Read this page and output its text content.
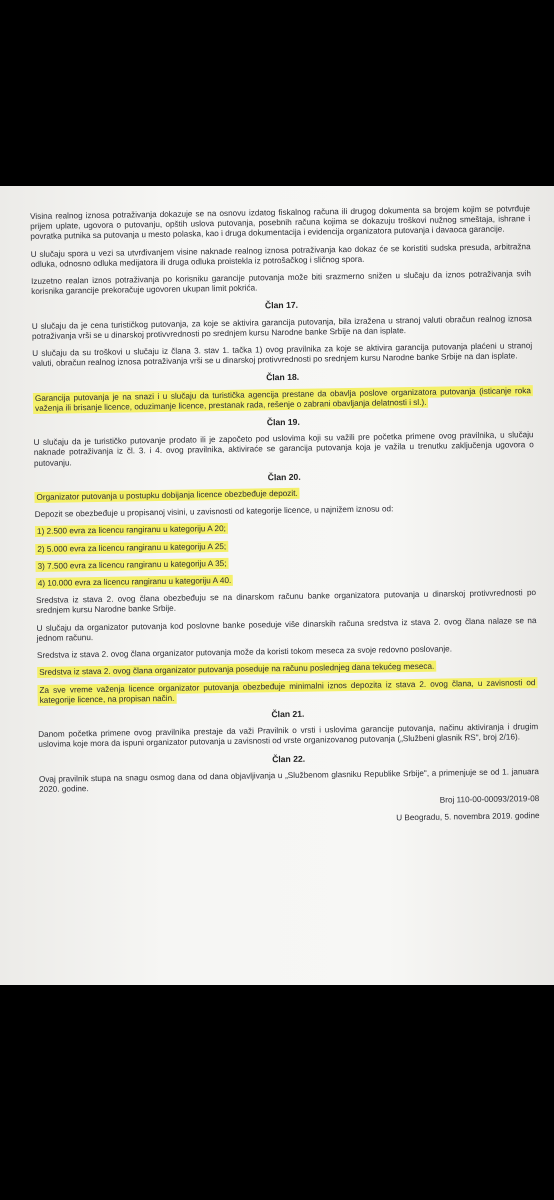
Visina realnog iznosa potraživanja dokazuje se na osnovu izdatog fiskalnog računa ili drugog dokumenta sa brojem kojim se potvrđuje prijem uplate, ugovora o putovanju, opštih uslova putovanja, posebnih računa kojima se dokazuju troškovi nužnog smeštaja, ishrane i povratka putnika sa putovanja u mesto polaska, kao i druga dokumentacija i evidencija organizatora putovanja i davaoca garancije.

U slučaju spora u vezi sa utvrđivanjem visine naknade realnog iznosa potraživanja kao dokaz će se koristiti sudska presuda, arbitražna odluka, odnosno odluka medijatora ili druga odluka proistekla iz potrošačkog i sličnog spora.

Izuzetno realan iznos potraživanja po korisniku garancije putovanja može biti srazmerno snižen u slučaju da iznos potraživanja svih korisnika garancije prekoračuje ugovoren ukupan limit pokrića.

Član 17.

U slučaju da je cena turističkog putovanja, za koje se aktivira garancija putovanja, bila izražena u stranoj valuti obračun realnog iznosa potraživanja vrši se u dinarskoj protivvrednosti po srednjem kursu Narodne banke Srbije na dan isplate.

U slučaju da su troškovi u slučaju iz člana 3. stav 1. tačka 1) ovog pravilnika za koje se aktivira garancija putovanja plaćeni u stranoj valuti, obračun realnog iznosa potraživanja vrši se u dinarskoj protivvrednosti po srednjem kursu Narodne banke Srbije na dan isplate.

Član 18.

Garancija putovanja je na snazi i u slučaju da turistička agencija prestane da obavlja poslove organizatora putovanja (isticanje roka važenja ili brisanje licence, oduzimanje licence, prestanak rada, rešenje o zabrani obavljanja delatnosti i sl.).

Član 19.

U slučaju da je turističko putovanje prodato ili je započeto pod uslovima koji su važili pre početka primene ovog pravilnika, u slučaju naknade potraživanja iz čl. 3. i 4. ovog pravilnika, aktiviraće se garancija putovanja koja je važila u trenutku zaključenja ugovora o putovanju.

Član 20.

Organizator putovanja u postupku dobijanja licence obezbeđuje depozit.

Depozit se obezbeđuje u propisanoj visini, u zavisnosti od kategorije licence, u najnižem iznosu od:

1) 2.500 evra za licencu rangiranu u kategoriju A 20;

2) 5.000 evra za licencu rangiranu u kategoriju A 25;

3) 7.500 evra za licencu rangiranu u kategoriju A 35;

4) 10.000 evra za licencu rangiranu u kategoriju A 40.

Sredstva iz stava 2. ovog člana obezbeđuju se na dinarskom računu banke organizatora putovanja u dinarskoj protivvrednosti po srednjem kursu Narodne banke Srbije.

U slučaju da organizator putovanja kod poslovne banke poseduje više dinarskih računa sredstva iz stava 2. ovog člana nalaze se na jednom računu.

Sredstva iz stava 2. ovog člana organizator putovanja može da koristi tokom meseca za svoje redovno poslovanje.

Sredstva iz stava 2. ovog člana organizator putovanja poseduje na računu poslednjeg dana tekućeg meseca.

Za sve vreme važenja licence organizator putovanja obezbeđuje minimalni iznos depozita iz stava 2. ovog člana, u zavisnosti od kategorije licence, na propisan način.

Član 21.

Danom početka primene ovog pravilnika prestaje da važi Pravilnik o vrsti i uslovima garancije putovanja, načinu aktiviranja i drugim uslovima koje mora da ispuni organizator putovanja u zavisnosti od vrste organizovanog putovanja („Službeni glasnik RS", broj 2/16).

Član 22.

Ovaj pravilnik stupa na snagu osmog dana od dana objavljivanja u „Službenom glasniku Republike Srbije", a primenjuje se od 1. januara 2020. godine.

Broj 110-00-00093/2019-08

U Beogradu, 5. novembra 2019. godine
